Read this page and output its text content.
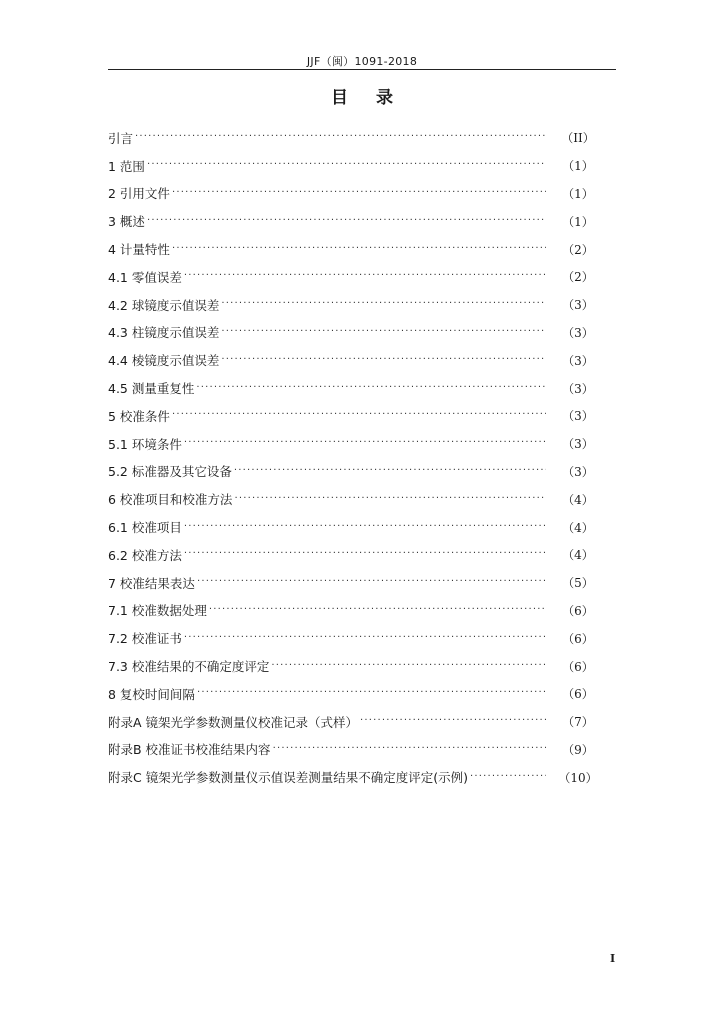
JJF（闽）1091-2018
目录
引言 ·····	（II）
1 范围 ·····	（1）
2 引用文件 ·····	（1）
3 概述 ·····	（1）
4 计量特性 ·····	（2）
4.1 零值误差 ·····	（2）
4.2 球镜度示值误差 ·····	（3）
4.3 柱镜度示值误差 ·····	（3）
4.4 棱镜度示值误差 ·····	（3）
4.5 测量重复性 ·····	（3）
5 校准条件 ·····	（3）
5.1 环境条件 ·····	（3）
5.2 标准器及其它设备 ·····	（3）
6 校准项目和校准方法 ·····	（4）
6.1 校准项目 ·····	（4）
6.2 校准方法 ·····	（4）
7 校准结果表达 ·····	（5）
7.1 校准数据处理 ·····	（6）
7.2 校准证书 ·····	（6）
7.3 校准结果的不确定度评定 ·····	（6）
8 复校时间间隔 ·····	（6）
附录A 镜架光学参数测量仪校准记录（式样） ·····	（7）
附录B 校准证书校准结果内容 ·····	（9）
附录C 镜架光学参数测量仪示值误差测量结果不确定度评定(示例) ·····	（10）
I
